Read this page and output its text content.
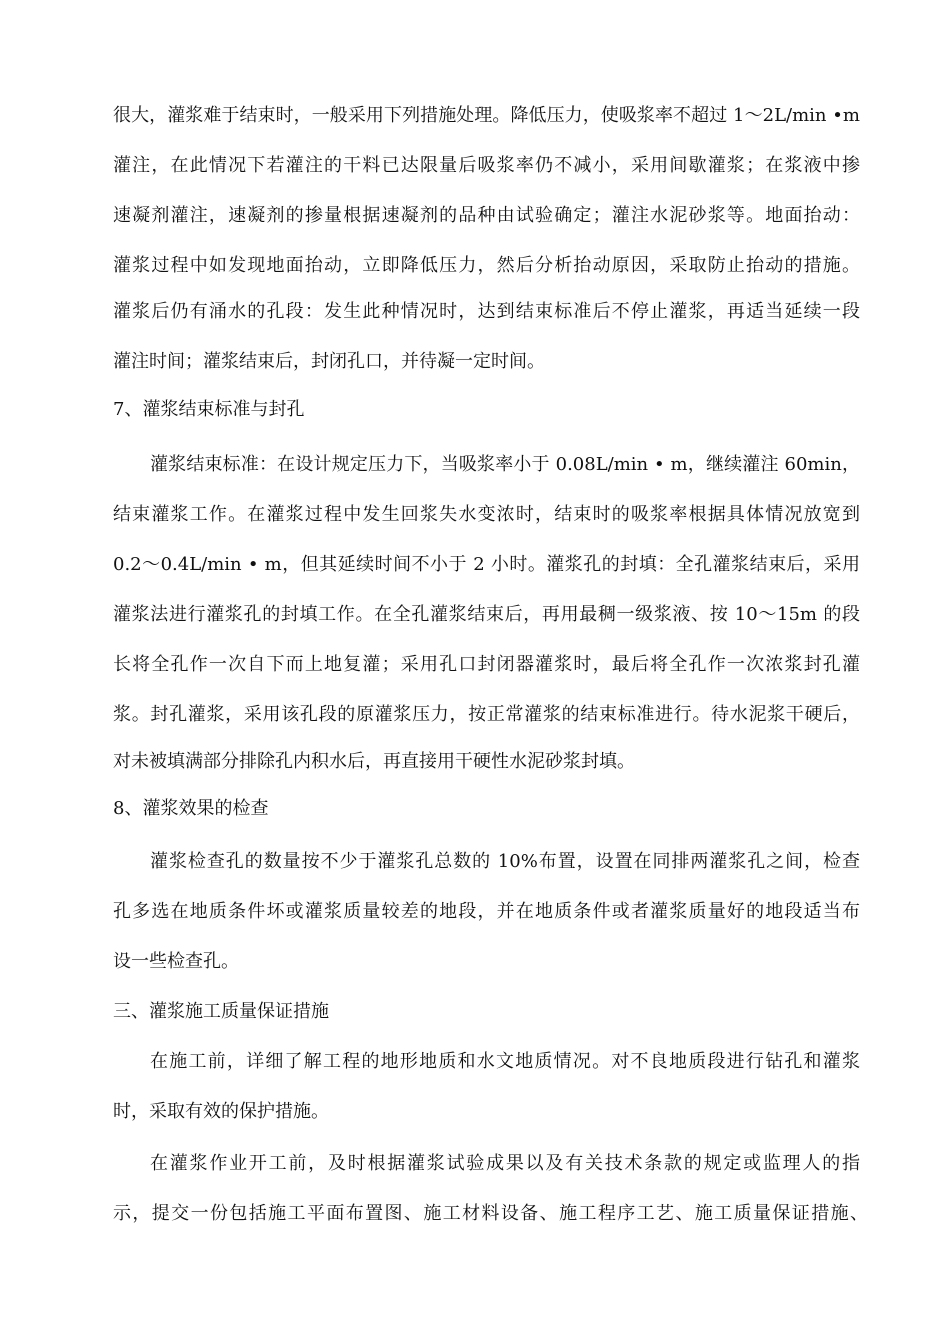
很大，灌浆难于结束时，一般采用下列措施处理。降低压力，使吸浆率不超过 1～2L/min •m
灌注，在此情况下若灌注的干料已达限量后吸浆率仍不减小，采用间歇灌浆；在浆液中掺
速凝剂灌注，速凝剂的掺量根据速凝剂的品种由试验确定；灌注水泥砂浆等。地面抬动：
灌浆过程中如发现地面抬动，立即降低压力，然后分析抬动原因，采取防止抬动的措施。
灌浆后仍有涌水的孔段：发生此种情况时，达到结束标准后不停止灌浆，再适当延续一段
灌注时间；灌浆结束后，封闭孔口，并待凝一定时间。
7、灌浆结束标准与封孔
灌浆结束标准：在设计规定压力下，当吸浆率小于 0.08L/min • m，继续灌注 60min，
结束灌浆工作。在灌浆过程中发生回浆失水变浓时，结束时的吸浆率根据具体情况放宽到
0.2～0.4L/min • m，但其延续时间不小于 2 小时。灌浆孔的封填：全孔灌浆结束后，采用
灌浆法进行灌浆孔的封填工作。在全孔灌浆结束后，再用最稠一级浆液、按 10～15m 的段
长将全孔作一次自下而上地复灌；采用孔口封闭器灌浆时，最后将全孔作一次浓浆封孔灌
浆。封孔灌浆，采用该孔段的原灌浆压力，按正常灌浆的结束标准进行。待水泥浆干硬后，
对未被填满部分排除孔内积水后，再直接用干硬性水泥砂浆封填。
8、灌浆效果的检查
灌浆检查孔的数量按不少于灌浆孔总数的 10%布置，设置在同排两灌浆孔之间，检查
孔多选在地质条件坏或灌浆质量较差的地段，并在地质条件或者灌浆质量好的地段适当布
设一些检查孔。
三、灌浆施工质量保证措施
在施工前，详细了解工程的地形地质和水文地质情况。对不良地质段进行钻孔和灌浆
时，采取有效的保护措施。
在灌浆作业开工前，及时根据灌浆试验成果以及有关技术条款的规定或监理人的指
示，提交一份包括施工平面布置图、施工材料设备、施工程序工艺、施工质量保证措施、
